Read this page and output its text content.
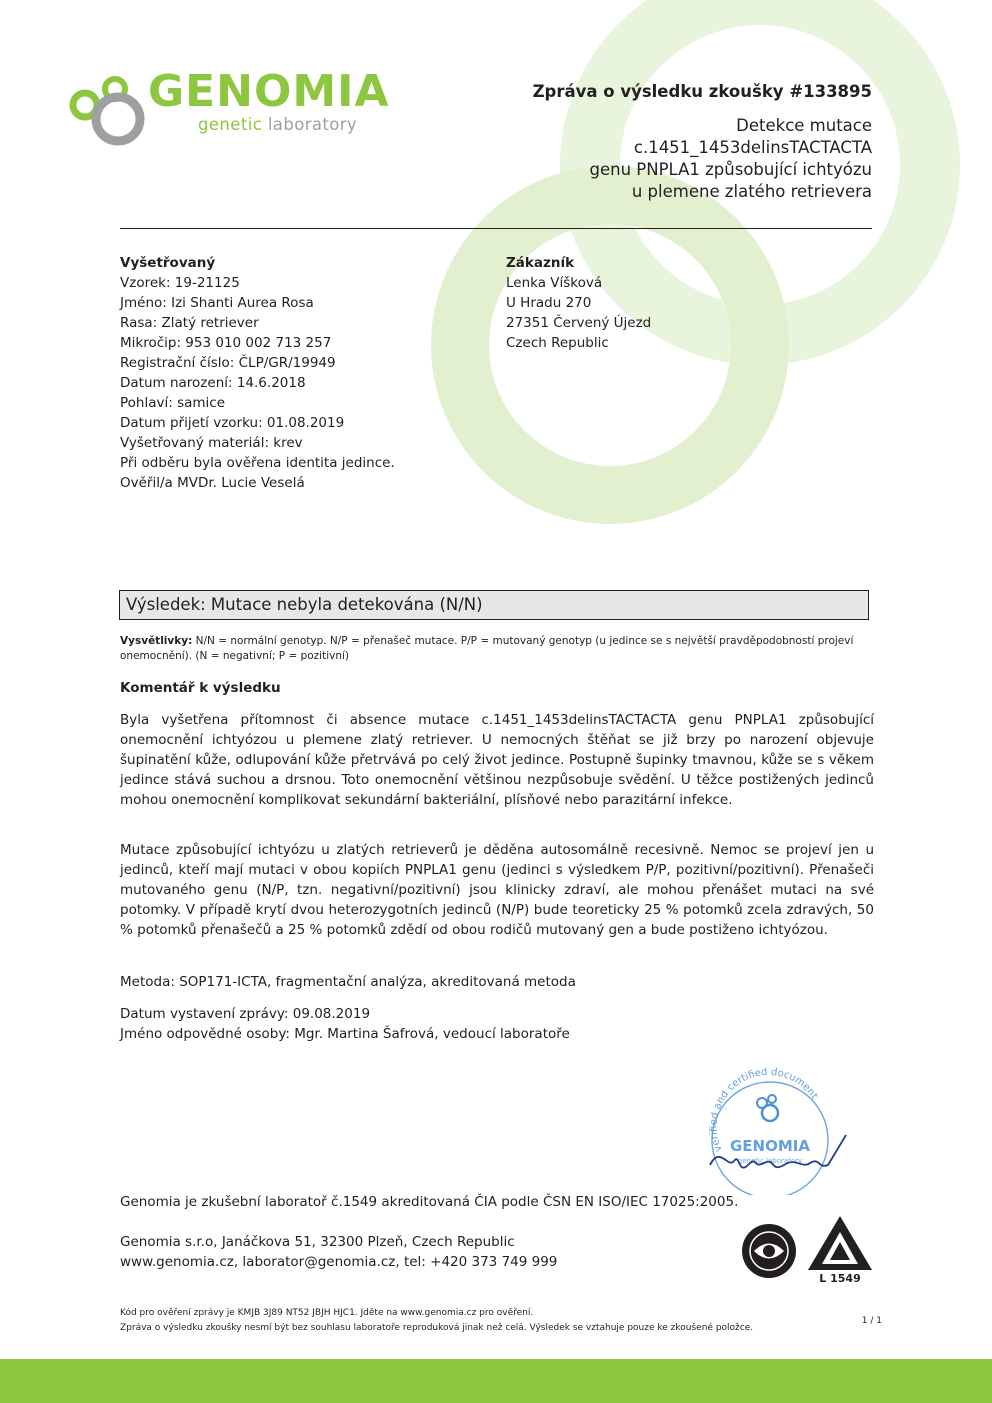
GENOMIA
genetic laboratory
Zpráva o výsledku zkoušky #133895
Detekce mutace
c.1451_1453delinsTACTACTA
genu PNPLA1 způsobující ichtyózu
u plemene zlatého retrievera
Vyšetřovaný
Vzorek: 19-21125
Jméno: Izi Shanti Aurea Rosa
Rasa: Zlatý retriever
Mikročip: 953 010 002 713 257
Registrační číslo: ČLP/GR/19949
Datum narození: 14.6.2018
Pohlaví: samice
Datum přijetí vzorku: 01.08.2019
Vyšetřovaný materiál: krev
Při odběru byla ověřena identita jedince.
Ověřil/a MVDr. Lucie Veselá
Zákazník
Lenka Víšková
U Hradu 270
27351 Červený Újezd
Czech Republic
Výsledek: Mutace nebyla detekována (N/N)
Vysvětlivky: N/N = normální genotyp. N/P = přenašeč mutace. P/P = mutovaný genotyp (u jedince se s největší pravděpodobností projeví onemocnění). (N = negativní; P = pozitivní)
Komentář k výsledku
Byla vyšetřena přítomnost či absence mutace c.1451_1453delinsTACTACTA genu PNPLA1 způsobující onemocnění ichtyózou u plemene zlatý retriever. U nemocných štěňat se již brzy po narození objevuje šupinatění kůže, odlupování kůže přetrvává po celý život jedince. Postupně šupinky tmavnou, kůže se s věkem jedince stává suchou a drsnou. Toto onemocnění většinou nezpůsobuje svědění. U těžce postižených jedinců mohou onemocnění komplikovat sekundární bakteriální, plísňové nebo parazitární infekce.
Mutace způsobující ichtyózu u zlatých retrieverů je děděna autosomálně recesivně. Nemoc se projeví jen u jedinců, kteří mají mutaci v obou kopiích PNPLA1 genu (jedinci s výsledkem P/P, pozitivní/pozitivní). Přenašeči mutovaného genu (N/P, tzn. negativní/pozitivní) jsou klinicky zdraví, ale mohou přenášet mutaci na své potomky. V případě krytí dvou heterozygotních jedinců (N/P) bude teoreticky 25 % potomků zcela zdravých, 50 % potomků přenašečů a 25 % potomků zdědí od obou rodičů mutovaný gen a bude postiženo ichtyózou.
Metoda: SOP171-ICTA, fragmentační analýza, akreditovaná metoda
Datum vystavení zprávy: 09.08.2019
Jméno odpovědné osoby: Mgr. Martina Šafrová, vedoucí laboratoře
verified and certified document
GENOMIA
genetic laboratory
Genomia je zkušební laboratoř č.1549 akreditovaná ČIA podle ČSN EN ISO/IEC 17025:2005.
Genomia s.r.o, Janáčkova 51, 32300 Plzeň, Czech Republic
www.genomia.cz, laborator@genomia.cz, tel: +420 373 749 999
L 1549
Kód pro ověření zprávy je KMJB 3J89 NT52 JBJH HJC1. Jděte na www.genomia.cz pro ověření.
Zpráva o výsledku zkoušky nesmí být bez souhlasu laboratoře reproduková jinak než celá. Výsledek se vztahuje pouze ke zkoušené položce.
1 / 1
